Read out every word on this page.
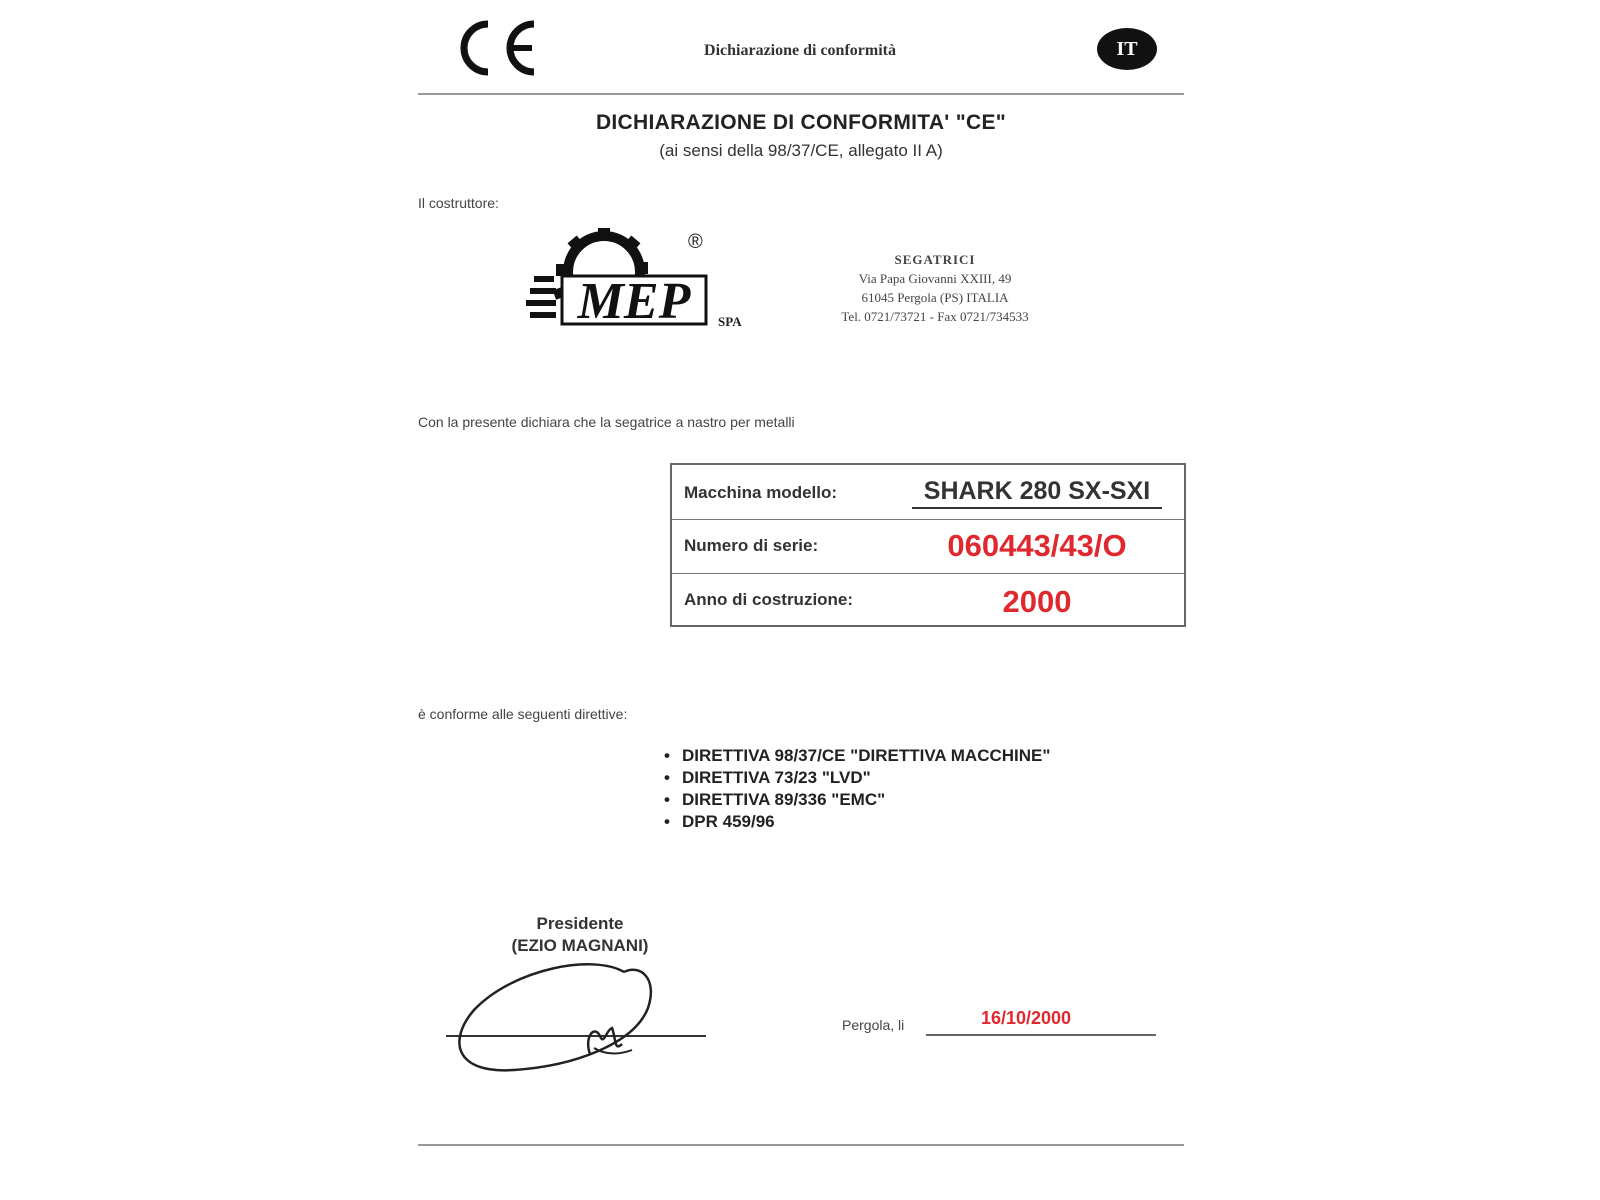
Dichiarazione di conformità	IT
DICHIARAZIONE DI CONFORMITA' "CE"
(ai sensi della 98/37/CE, allegato II A)
Il costruttore:
MEP SPA
®
SEGATRICI
Via Papa Giovanni XXIII, 49
61045 Pergola (PS) ITALIA
Tel. 0721/73721 - Fax 0721/734533
Con la presente dichiara che la segatrice a nastro per metalli
Macchina modello:	SHARK 280 SX-SXI
Numero di serie:	060443/43/O
Anno di costruzione:	2000
è conforme alle seguenti direttive:
• DIRETTIVA 98/37/CE "DIRETTIVA MACCHINE"
• DIRETTIVA 73/23 "LVD"
• DIRETTIVA 89/336 "EMC"
• DPR 459/96
Presidente
(EZIO MAGNANI)
Pergola, li	16/10/2000
